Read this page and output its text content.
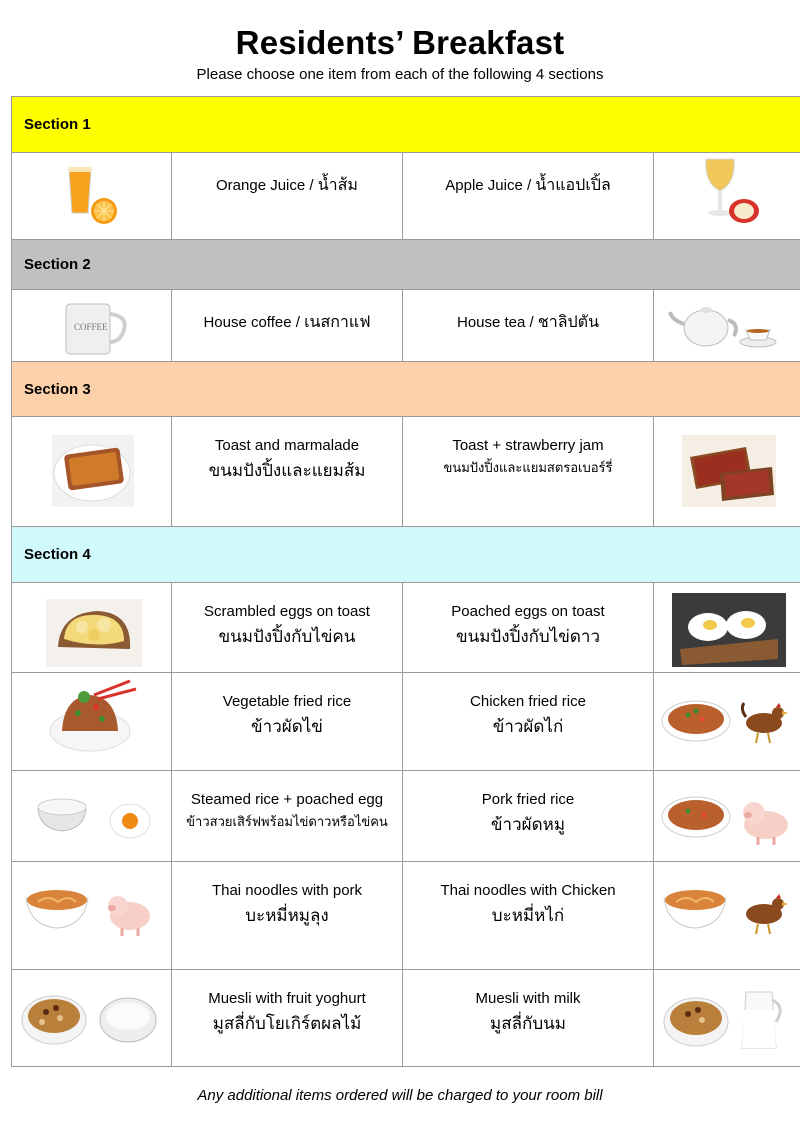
Residents’ Breakfast
Please choose one item from each of the following 4 sections
Section 1			

	Orange Juice / น้ำส้ม	Apple Juice / น้ำแอปเปิ้ล	

Section 2			

COFFEE	House coffee / เนสกาแฟ	House tea / ชาลิปตัน	

Section 3			

Toast and marmalade
ขนมปังปิ้งและแยมส้ม	Toast + strawberry jam
ขนมปังปิ้งและแยมสตรอเบอร์รี่

Section 4			

Scrambled eggs on toast
ขนมปังปิ้งกับไข่คน	Poached eggs on toast
ขนมปังปิ้งกับไข่ดาว

Vegetable fried rice
ข้าวผัดไข่	Chicken fried rice
ข้าวผัดไก่

Steamed rice + poached egg
ข้าวสวยเสิร์ฟพร้อมไข่ดาวหรือไข่คน	Pork fried rice
ข้าวผัดหมู

Thai noodles with pork
บะหมี่หมูลุง	Thai noodles with Chicken
บะหมี่หไก่

Muesli with fruit yoghurt
มูสลี่กับโยเกิร์ตผลไม้	Muesli with milk
มูสลี่กับนม

Any additional items ordered will be charged to your room bill
